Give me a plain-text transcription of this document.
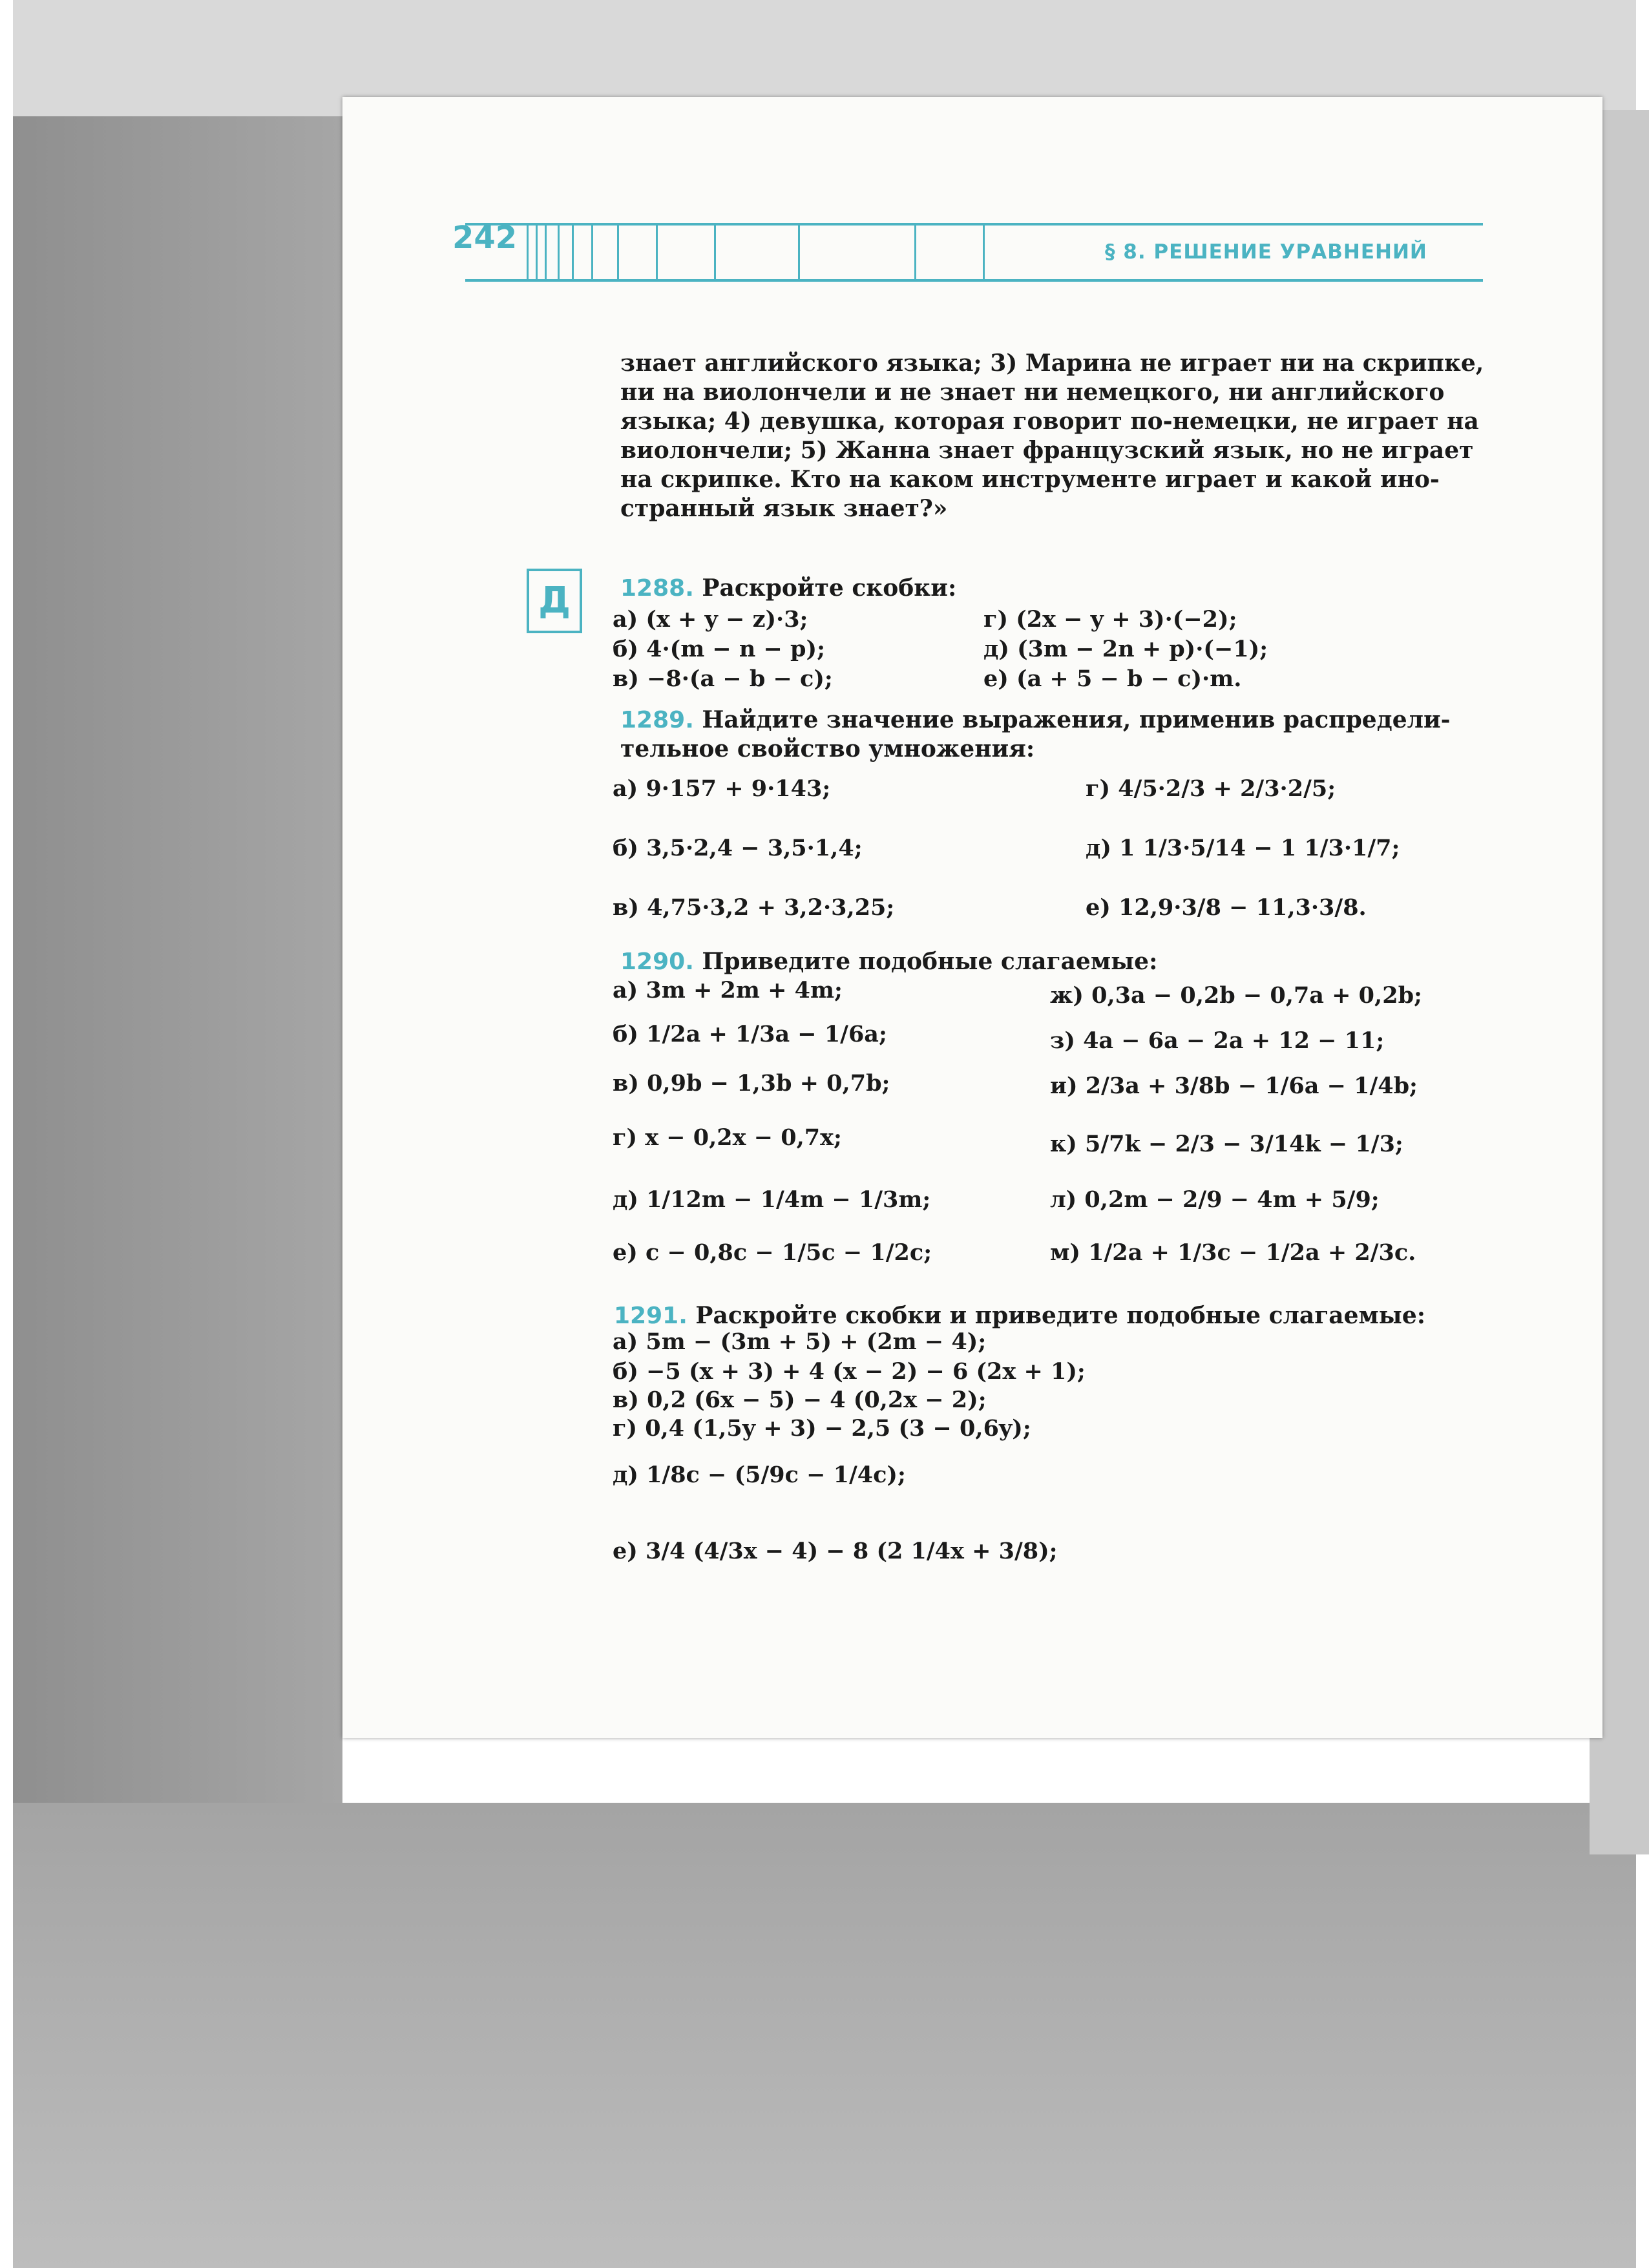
242	§ 8. РЕШЕНИЕ УРАВНЕНИЙ
знает английского языка; 3) Марина не играет ни на скрипке,
ни на виолончели и не знает ни немецкого, ни английского
языка; 4) девушка, которая говорит по-немецки, не играет на
виолончели; 5) Жанна знает французский язык, но не играет
на скрипке. Кто на каком инструменте играет и какой ино-
странный язык знает?»
Д	1288. Раскройте скобки:
а) (x + y − z)·3;	г) (2x − y + 3)·(−2);
б) 4·(m − n − p);	д) (3m − 2n + p)·(−1);
в) −8·(a − b − c);	е) (a + 5 − b − c)·m.
1289. Найдите значение выражения, применив распредели-
тельное свойство умножения:
а) 9·157 + 9·143;	г) 4/5·2/3 + 2/3·2/5;
б) 3,5·2,4 − 3,5·1,4;	д) 1 1/3·5/14 − 1 1/3·1/7;
в) 4,75·3,2 + 3,2·3,25;	е) 12,9·3/8 − 11,3·3/8.
1290. Приведите подобные слагаемые:
а) 3m + 2m + 4m;	ж) 0,3a − 0,2b − 0,7a + 0,2b;
б) 1/2a + 1/3a − 1/6a;	з) 4a − 6a − 2a + 12 − 11;
в) 0,9b − 1,3b + 0,7b;	и) 2/3a + 3/8b − 1/6a − 1/4b;
г) x − 0,2x − 0,7x;	к) 5/7k − 2/3 − 3/14k − 1/3;
д) 1/12m − 1/4m − 1/3m;	л) 0,2m − 2/9 − 4m + 5/9;
е) c − 0,8c − 1/5c − 1/2c;	м) 1/2a + 1/3c − 1/2a + 2/3c.
1291. Раскройте скобки и приведите подобные слагаемые:
а) 5m − (3m + 5) + (2m − 4);
б) −5 (x + 3) + 4 (x − 2) − 6 (2x + 1);
в) 0,2 (6x − 5) − 4 (0,2x − 2);
г) 0,4 (1,5y + 3) − 2,5 (3 − 0,6y);
д) 1/8c − (5/9c − 1/4c);
е) 3/4 (4/3x − 4) − 8 (2 1/4x + 3/8);
